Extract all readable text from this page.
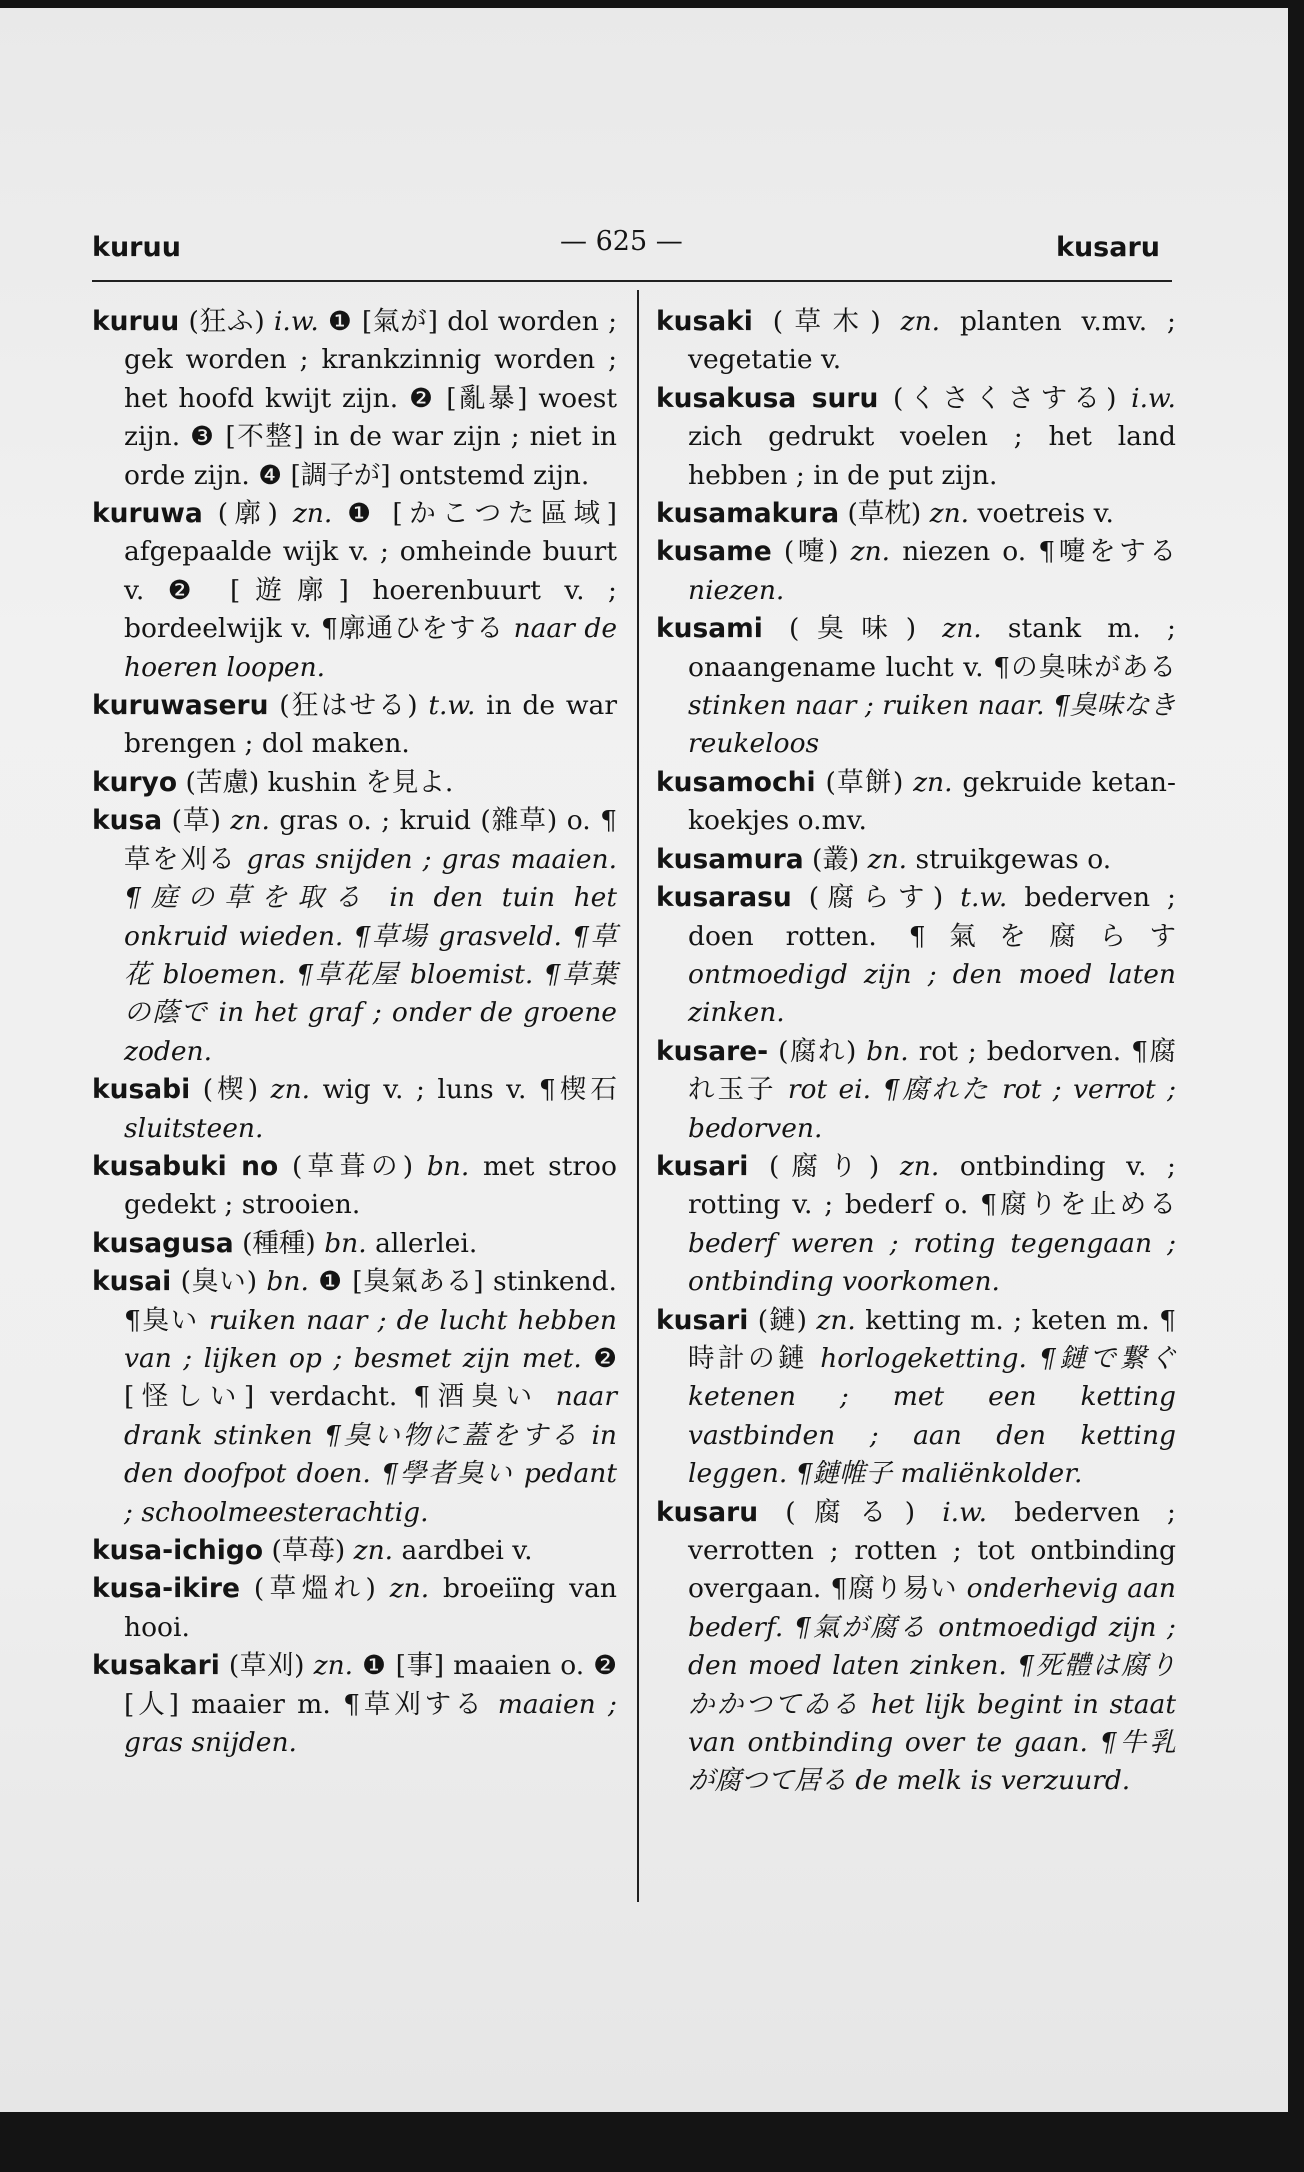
kuruu	— 625 —	kusaru

kuruu (狂ふ) i.w. ❶ [氣が] dol worden ; gek worden ; krankzinnig worden ; het hoofd kwijt zijn. ❷ [亂暴] woest zijn. ❸ [不整] in de war zijn ; niet in orde zijn. ❹ [調子が] ontstemd zijn.

kuruwa (廓) zn. ❶ [かこつた區域] afgepaalde wijk v. ; omheinde buurt v. ❷ [遊廓] hoerenbuurt v. ; bordeelwijk v. ¶廓通ひをする naar de hoeren loopen.

kuruwaseru (狂はせる) t.w. in de war brengen ; dol maken.

kuryo (苦慮) kushin を見よ.

kusa (草) zn. gras o. ; kruid (雜草) o. ¶草を刈る gras snijden ; gras maaien. ¶庭の草を取る in den tuin het onkruid wieden. ¶草場 grasveld. ¶草花 bloemen. ¶草花屋 bloemist. ¶草葉の蔭で in het graf ; onder de groene zoden.

kusabi (楔) zn. wig v. ; luns v. ¶楔石 sluitsteen.

kusabuki no (草葺の) bn. met stroo gedekt ; strooien.

kusagusa (種種) bn. allerlei.

kusai (臭い) bn. ❶ [臭氣ある] stinkend. ¶臭い ruiken naar ; de lucht hebben van ; lijken op ; besmet zijn met. ❷ [怪しい] verdacht. ¶酒臭い naar drank stinken ¶臭い物に蓋をする in den doofpot doen. ¶學者臭い pedant ; schoolmeesterachtig.

kusa-ichigo (草苺) zn. aardbei v.

kusa-ikire (草熅れ) zn. broeiïng van hooi.

kusakari (草刈) zn. ❶ [事] maaien o. ❷ [人] maaier m. ¶草刈する maaien ; gras snijden.

kusaki (草木) zn. planten v.mv. ; vegetatie v.

kusakusa suru (くさくさする) i.w. zich gedrukt voelen ; het land hebben ; in de put zijn.

kusamakura (草枕) zn. voetreis v.

kusame (嚏) zn. niezen o. ¶嚏をする niezen.

kusami (臭味) zn. stank m. ; onaangename lucht v. ¶の臭味がある stinken naar ; ruiken naar. ¶臭味なき reukeloos

kusamochi (草餅) zn. gekruide ketan-koekjes o.mv.

kusamura (叢) zn. struikgewas o.

kusarasu (腐らす) t.w. bederven ; doen rotten. ¶氣を腐らす ontmoedigd zijn ; den moed laten zinken.

kusare- (腐れ) bn. rot ; bedorven. ¶腐れ玉子 rot ei. ¶腐れた rot ; verrot ; bedorven.

kusari (腐り) zn. ontbinding v. ; rotting v. ; bederf o. ¶腐りを止める bederf weren ; roting tegengaan ; ontbinding voorkomen.

kusari (鏈) zn. ketting m. ; keten m. ¶時計の鏈 horlogeketting. ¶鏈で繋ぐ ketenen ; met een ketting vastbinden ; aan den ketting leggen. ¶鏈帷子 maliënkolder.

kusaru (腐る) i.w. bederven ; verrotten ; rotten ; tot ontbinding overgaan. ¶腐り易い onderhevig aan bederf. ¶氣が腐る ontmoedigd zijn ; den moed laten zinken. ¶死體は腐りかかつてゐる het lijk begint in staat van ontbinding over te gaan. ¶牛乳が腐つて居る de melk is verzuurd.
